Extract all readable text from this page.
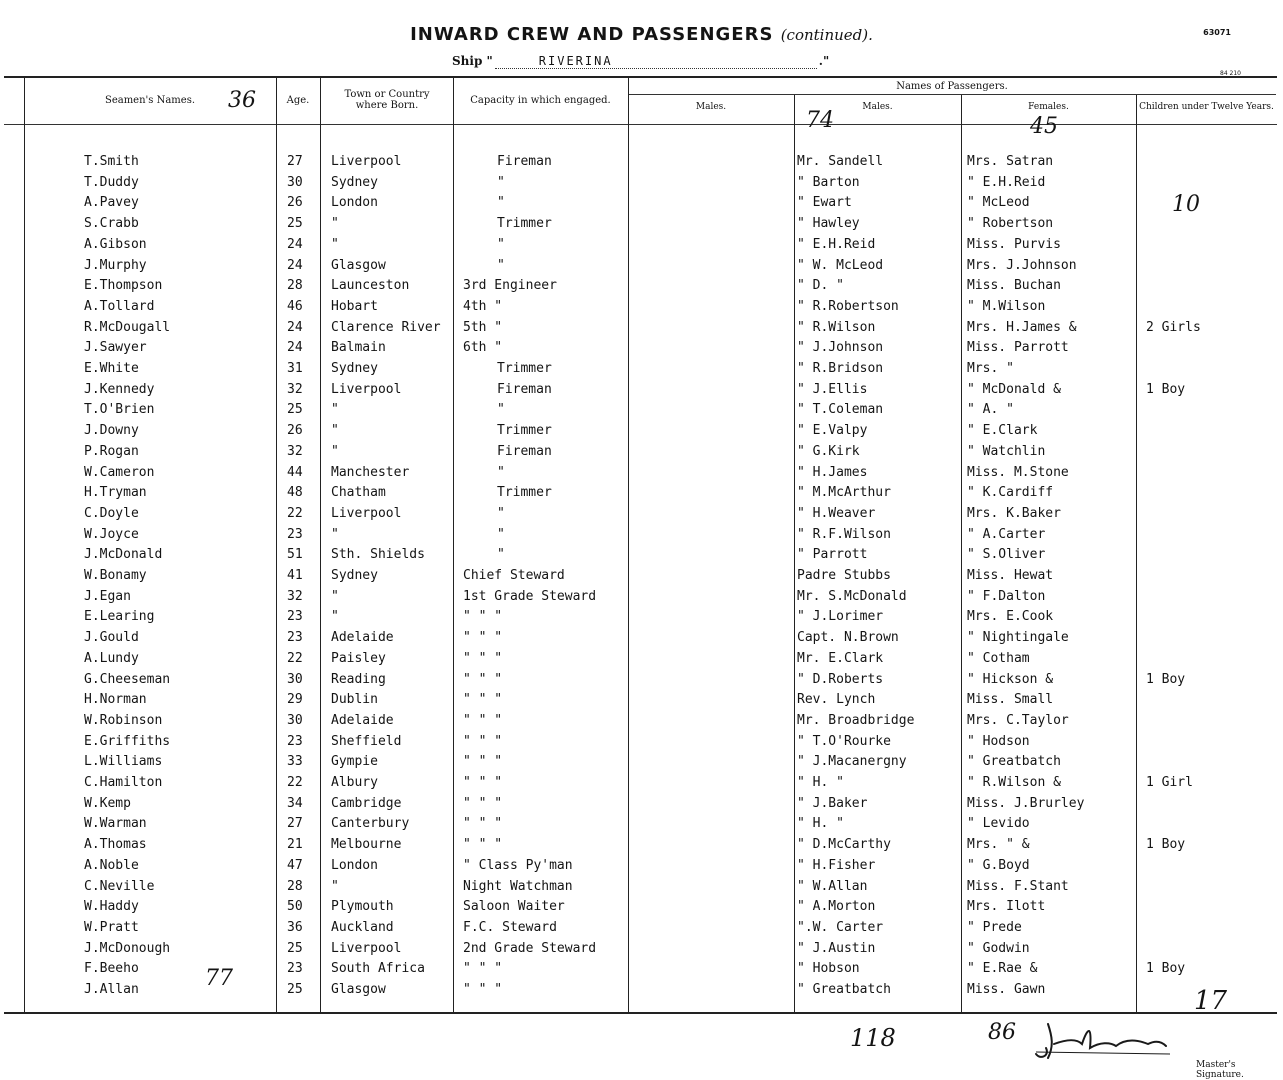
INWARD CREW AND PASSENGERS (continued).	63071
Ship "	RIVERINA	."
84 210
Seamen's Names.	Age.
Town or Country where Born.	Capacity in which engaged.
Names of Passengers.
Males.	Males.	Females.	Children under Twelve Years.
36
74	45
10
77
118	86
17
Master's Signature.
T.Smith	27 Liverpool	Fireman	Mr. Sandell	Mrs. Satran
T.Duddy	30 Sydney	"	" Barton	" E.H.Reid
A.Pavey	26 London	"	" Ewart	" McLeod
S.Crabb	25 "	Trimmer	" Hawley	" Robertson
A.Gibson	24 "	"	" E.H.Reid	Miss. Purvis
J.Murphy	24 Glasgow	"	" W. McLeod	Mrs. J.Johnson
E.Thompson	28 Launceston	3rd Engineer	" D. "	Miss. Buchan
A.Tollard	46 Hobart	4th "	" R.Robertson	" M.Wilson
R.McDougall	24 Clarence River 5th "	" R.Wilson	Mrs. H.James &	2 Girls
J.Sawyer	24 Balmain	6th "	" J.Johnson	Miss. Parrott
E.White	31 Sydney	Trimmer	" R.Bridson	Mrs. "
J.Kennedy	32 Liverpool	Fireman	" J.Ellis	" McDonald &	1 Boy
T.O'Brien	25 "	"	" T.Coleman	" A. "
J.Downy	26 "	Trimmer	" E.Valpy	" E.Clark
P.Rogan	32 "	Fireman	" G.Kirk	" Watchlin
W.Cameron	44 Manchester	"	" H.James	Miss. M.Stone
H.Tryman	48 Chatham	Trimmer	" M.McArthur	" K.Cardiff
C.Doyle	22 Liverpool	"	" H.Weaver	Mrs. K.Baker
W.Joyce	23 "	"	" R.F.Wilson	" A.Carter
J.McDonald	51 Sth. Shields	"	" Parrott	" S.Oliver
W.Bonamy	41 Sydney	Chief Steward	Padre Stubbs	Miss. Hewat
J.Egan	32 "	1st Grade Steward	Mr. S.McDonald	" F.Dalton
E.Learing	23 "	" " "	" J.Lorimer	Mrs. E.Cook
J.Gould	23 Adelaide	" " "	Capt. N.Brown	" Nightingale
A.Lundy	22 Paisley	" " "	Mr. E.Clark	" Cotham
G.Cheeseman	30 Reading	" " "	" D.Roberts	" Hickson &	1 Boy
H.Norman	29 Dublin	" " "	Rev. Lynch	Miss. Small
W.Robinson	30 Adelaide	" " "	Mr. Broadbridge	Mrs. C.Taylor
E.Griffiths	23 Sheffield	" " "	" T.O'Rourke	" Hodson
L.Williams	33 Gympie	" " "	" J.Macanergny	" Greatbatch
C.Hamilton	22 Albury	" " "	" H. "	" R.Wilson &	1 Girl
W.Kemp	34 Cambridge	" " "	" J.Baker	Miss. J.Brurley
W.Warman	27 Canterbury	" " "	" H. "	" Levido
A.Thomas	21 Melbourne	" " "	" D.McCarthy	Mrs. " &	1 Boy
A.Noble	47 London	" Class Py'man	" H.Fisher	" G.Boyd
C.Neville	28 "	Night Watchman	" W.Allan	Miss. F.Stant
W.Haddy	50 Plymouth	Saloon Waiter	" A.Morton	Mrs. Ilott
W.Pratt	36 Auckland	F.C. Steward	".W. Carter	" Prede
J.McDonough	25 Liverpool	2nd Grade Steward	" J.Austin	" Godwin
F.Beeho	23 South Africa	" " "	" Hobson	" E.Rae &	1 Boy
J.Allan	25 Glasgow	" " "	" Greatbatch	Miss. Gawn
